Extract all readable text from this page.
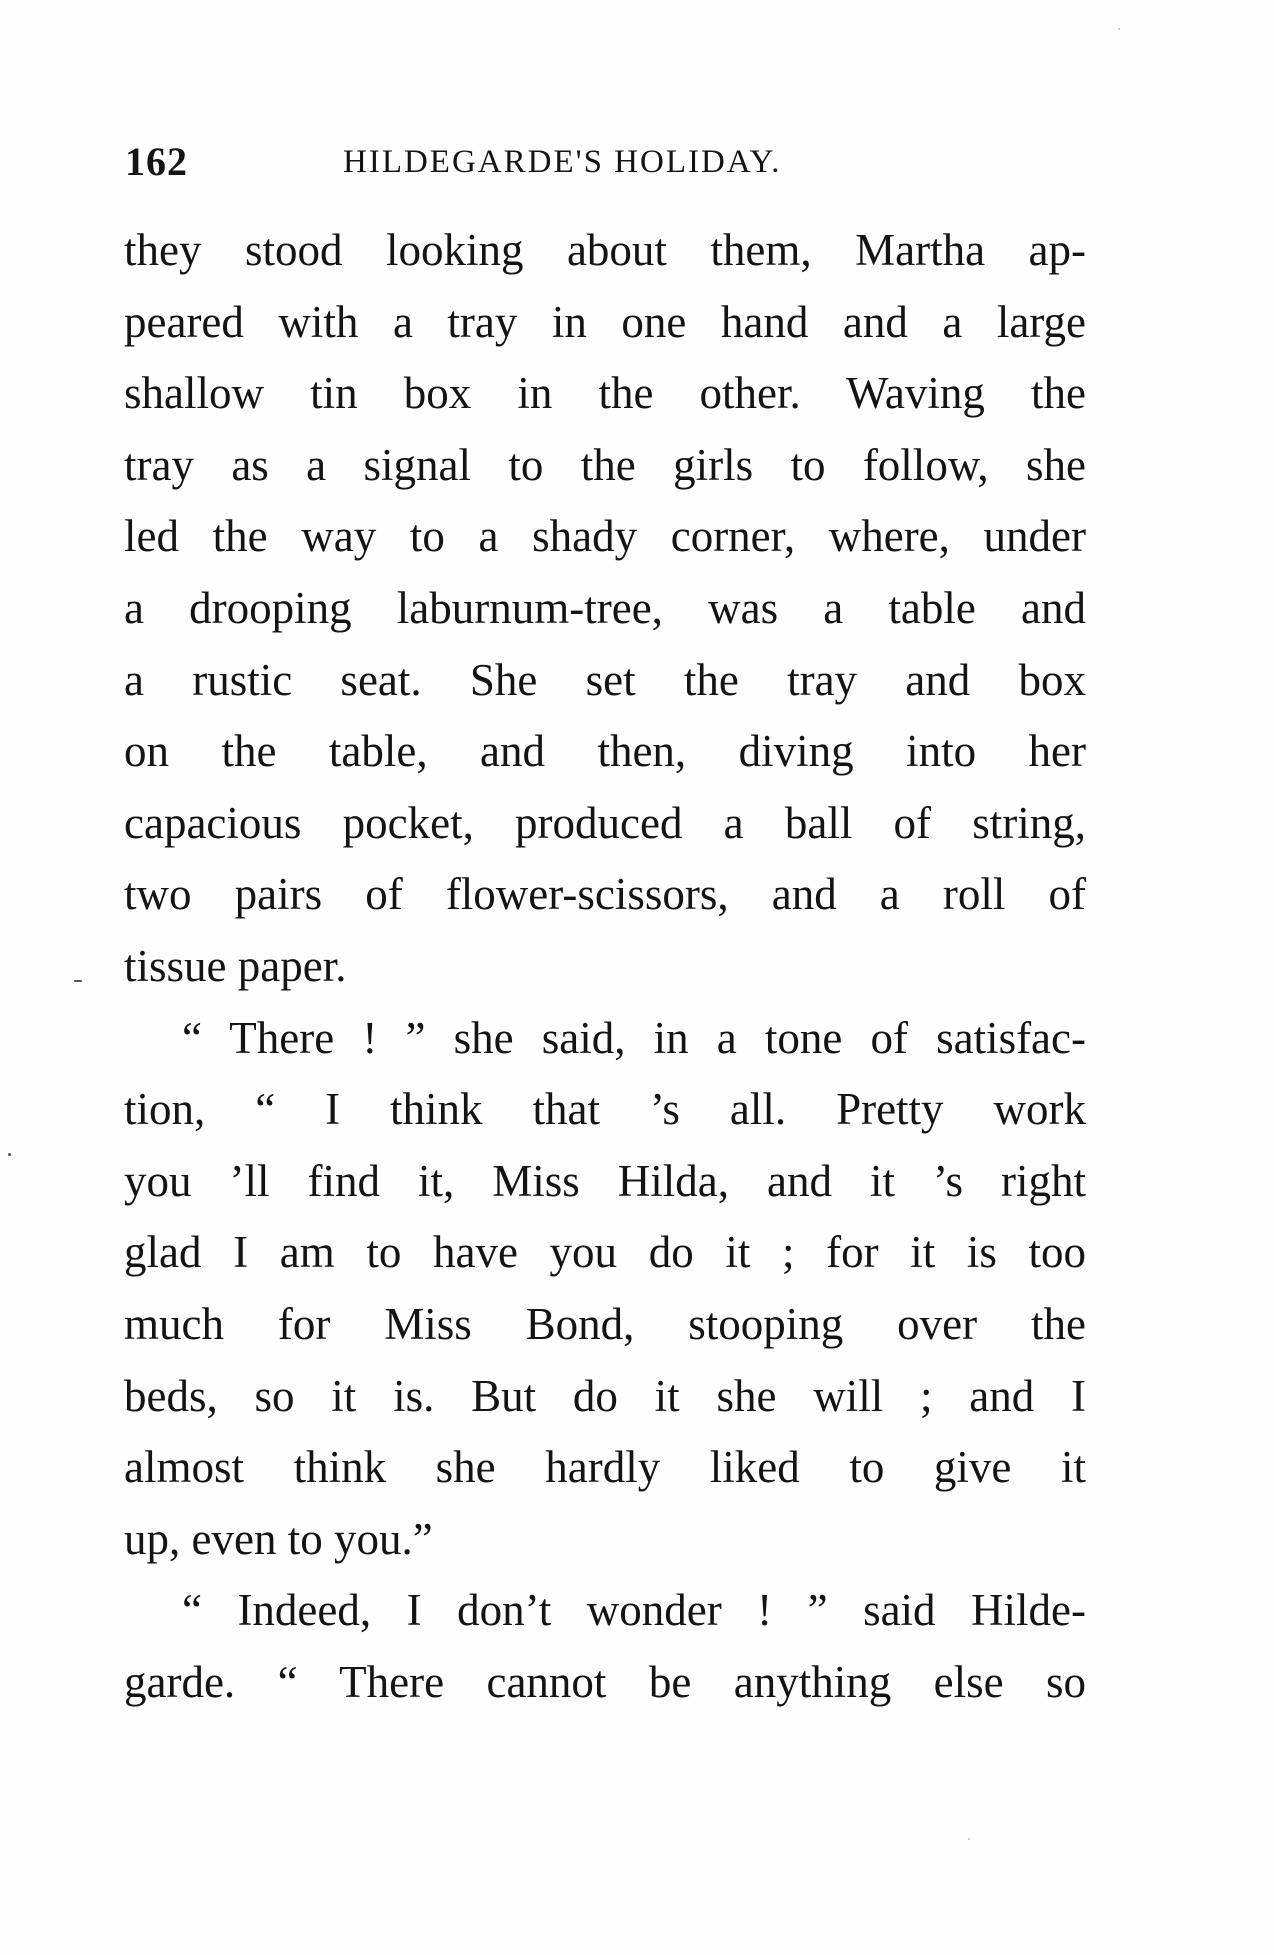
162	HILDEGARDE'S HOLIDAY.
they stood looking about them, Martha ap-
peared with a tray in one hand and a large
shallow tin box in the other. Waving the
tray as a signal to the girls to follow, she
led the way to a shady corner, where, under
a drooping laburnum-tree, was a table and
a rustic seat. She set the tray and box
on the table, and then, diving into her
capacious pocket, produced a ball of string,
two pairs of flower-scissors, and a roll of
tissue paper.
“ There ! ” she said, in a tone of satisfac-
tion, “ I think that ’s all. Pretty work
you ’ll find it, Miss Hilda, and it ’s right
glad I am to have you do it ; for it is too
much for Miss Bond, stooping over the
beds, so it is. But do it she will ; and I
almost think she hardly liked to give it
up, even to you.”
“ Indeed, I don’t wonder ! ” said Hilde-
garde. “ There cannot be anything else so
